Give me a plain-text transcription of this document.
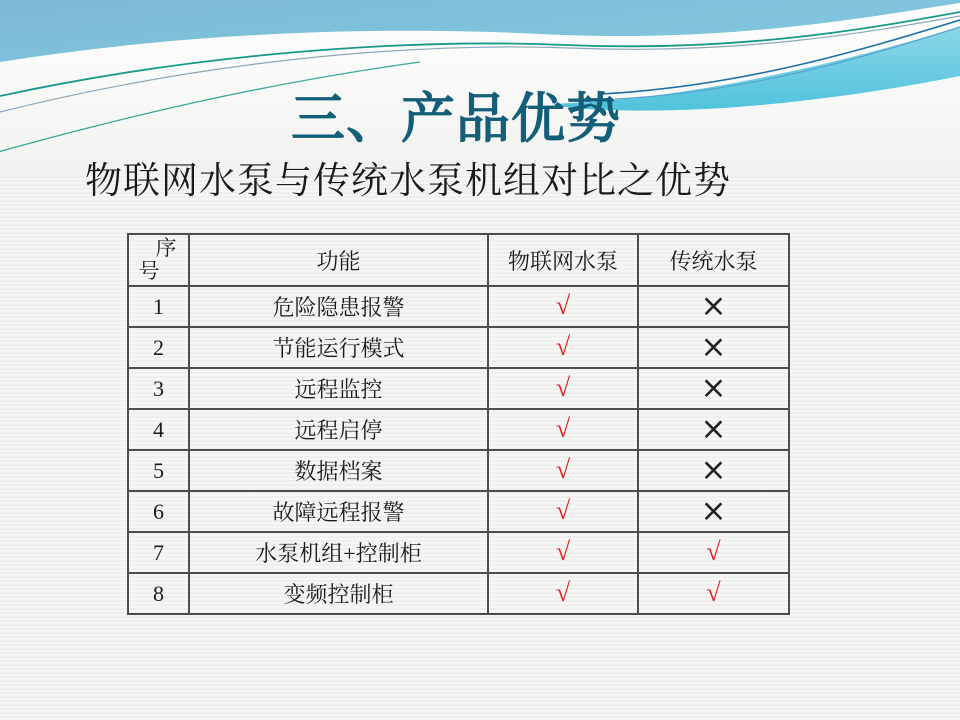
三、产品优势
物联网水泵与传统水泵机组对比之优势
序号	功能	物联网水泵	传统水泵
1	危险隐患报警	√	×
2	节能运行模式	√	×
3	远程监控	√	×
4	远程启停	√	×
5	数据档案	√	×
6	故障远程报警	√	×
7	水泵机组+控制柜	√	√
8	变频控制柜	√	√
